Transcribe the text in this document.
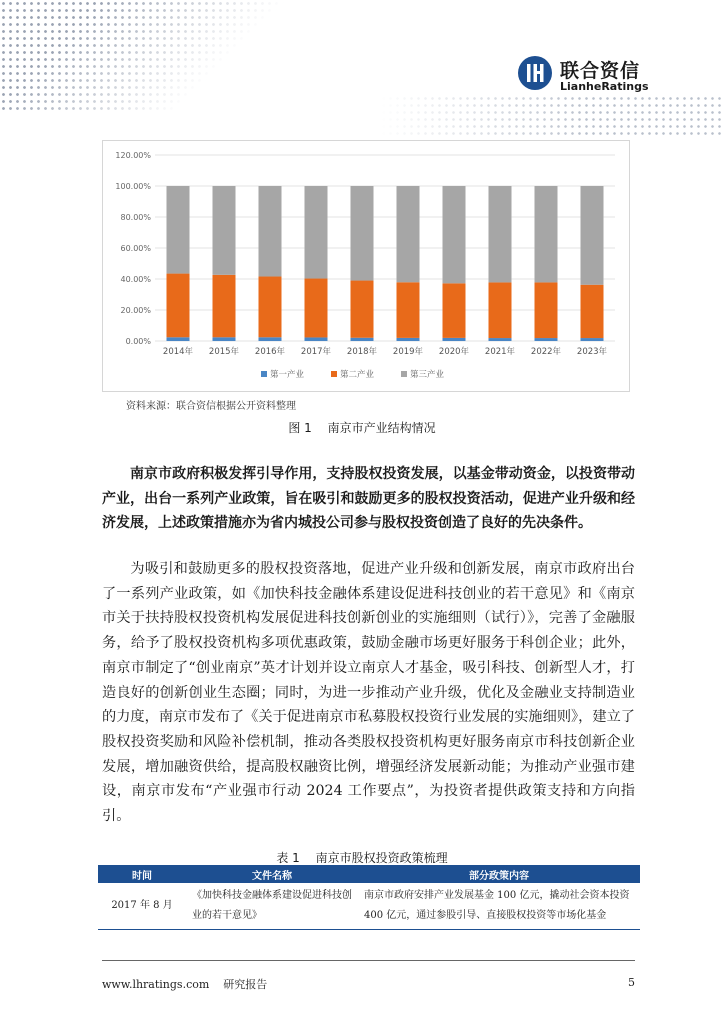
联合资信
LianheRatings
0.00%
20.00%
40.00%
60.00%
80.00%
100.00%
120.00%
2014年 2015年 2016年 2017年 2018年 2019年 2020年 2021年 2022年 2023年
第一产业	第二产业	第三产业
资料来源：联合资信根据公开资料整理
图 1 南京市产业结构情况

南京市政府积极发挥引导作用，支持股权投资发展，以基金带动资金，以投资带动产业，出台一系列产业政策，旨在吸引和鼓励更多的股权投资活动，促进产业升级和经济发展，上述政策措施亦为省内城投公司参与股权投资创造了良好的先决条件。

为吸引和鼓励更多的股权投资落地，促进产业升级和创新发展，南京市政府出台了一系列产业政策，如《加快科技金融体系建设促进科技创业的若干意见》和《南京市关于扶持股权投资机构发展促进科技创新创业的实施细则（试行）》，完善了金融服务，给予了股权投资机构多项优惠政策，鼓励金融市场更好服务于科创企业；此外，南京市制定了“创业南京”英才计划并设立南京人才基金，吸引科技、创新型人才，打造良好的创新创业生态圈；同时，为进一步推动产业升级，优化及金融业支持制造业的力度，南京市发布了《关于促进南京市私募股权投资行业发展的实施细则》，建立了股权投资奖励和风险补偿机制，推动各类股权投资机构更好服务南京市科技创新企业发展，增加融资供给，提高股权融资比例，增强经济发展新动能；为推动产业强市建设，南京市发布“产业强市行动 2024 工作要点”，为投资者提供政策支持和方向指引。

表 1 南京市股权投资政策梳理
时间	文件名称	部分政策内容
2017 年 8 月	《加快科技金融体系建设促进科技创业的若干意见》	南京市政府安排产业发展基金 100 亿元，撬动社会资本投资 400 亿元，通过参股引导、直接股权投资等市场化基金
www.lhratings.com 研究报告	5
